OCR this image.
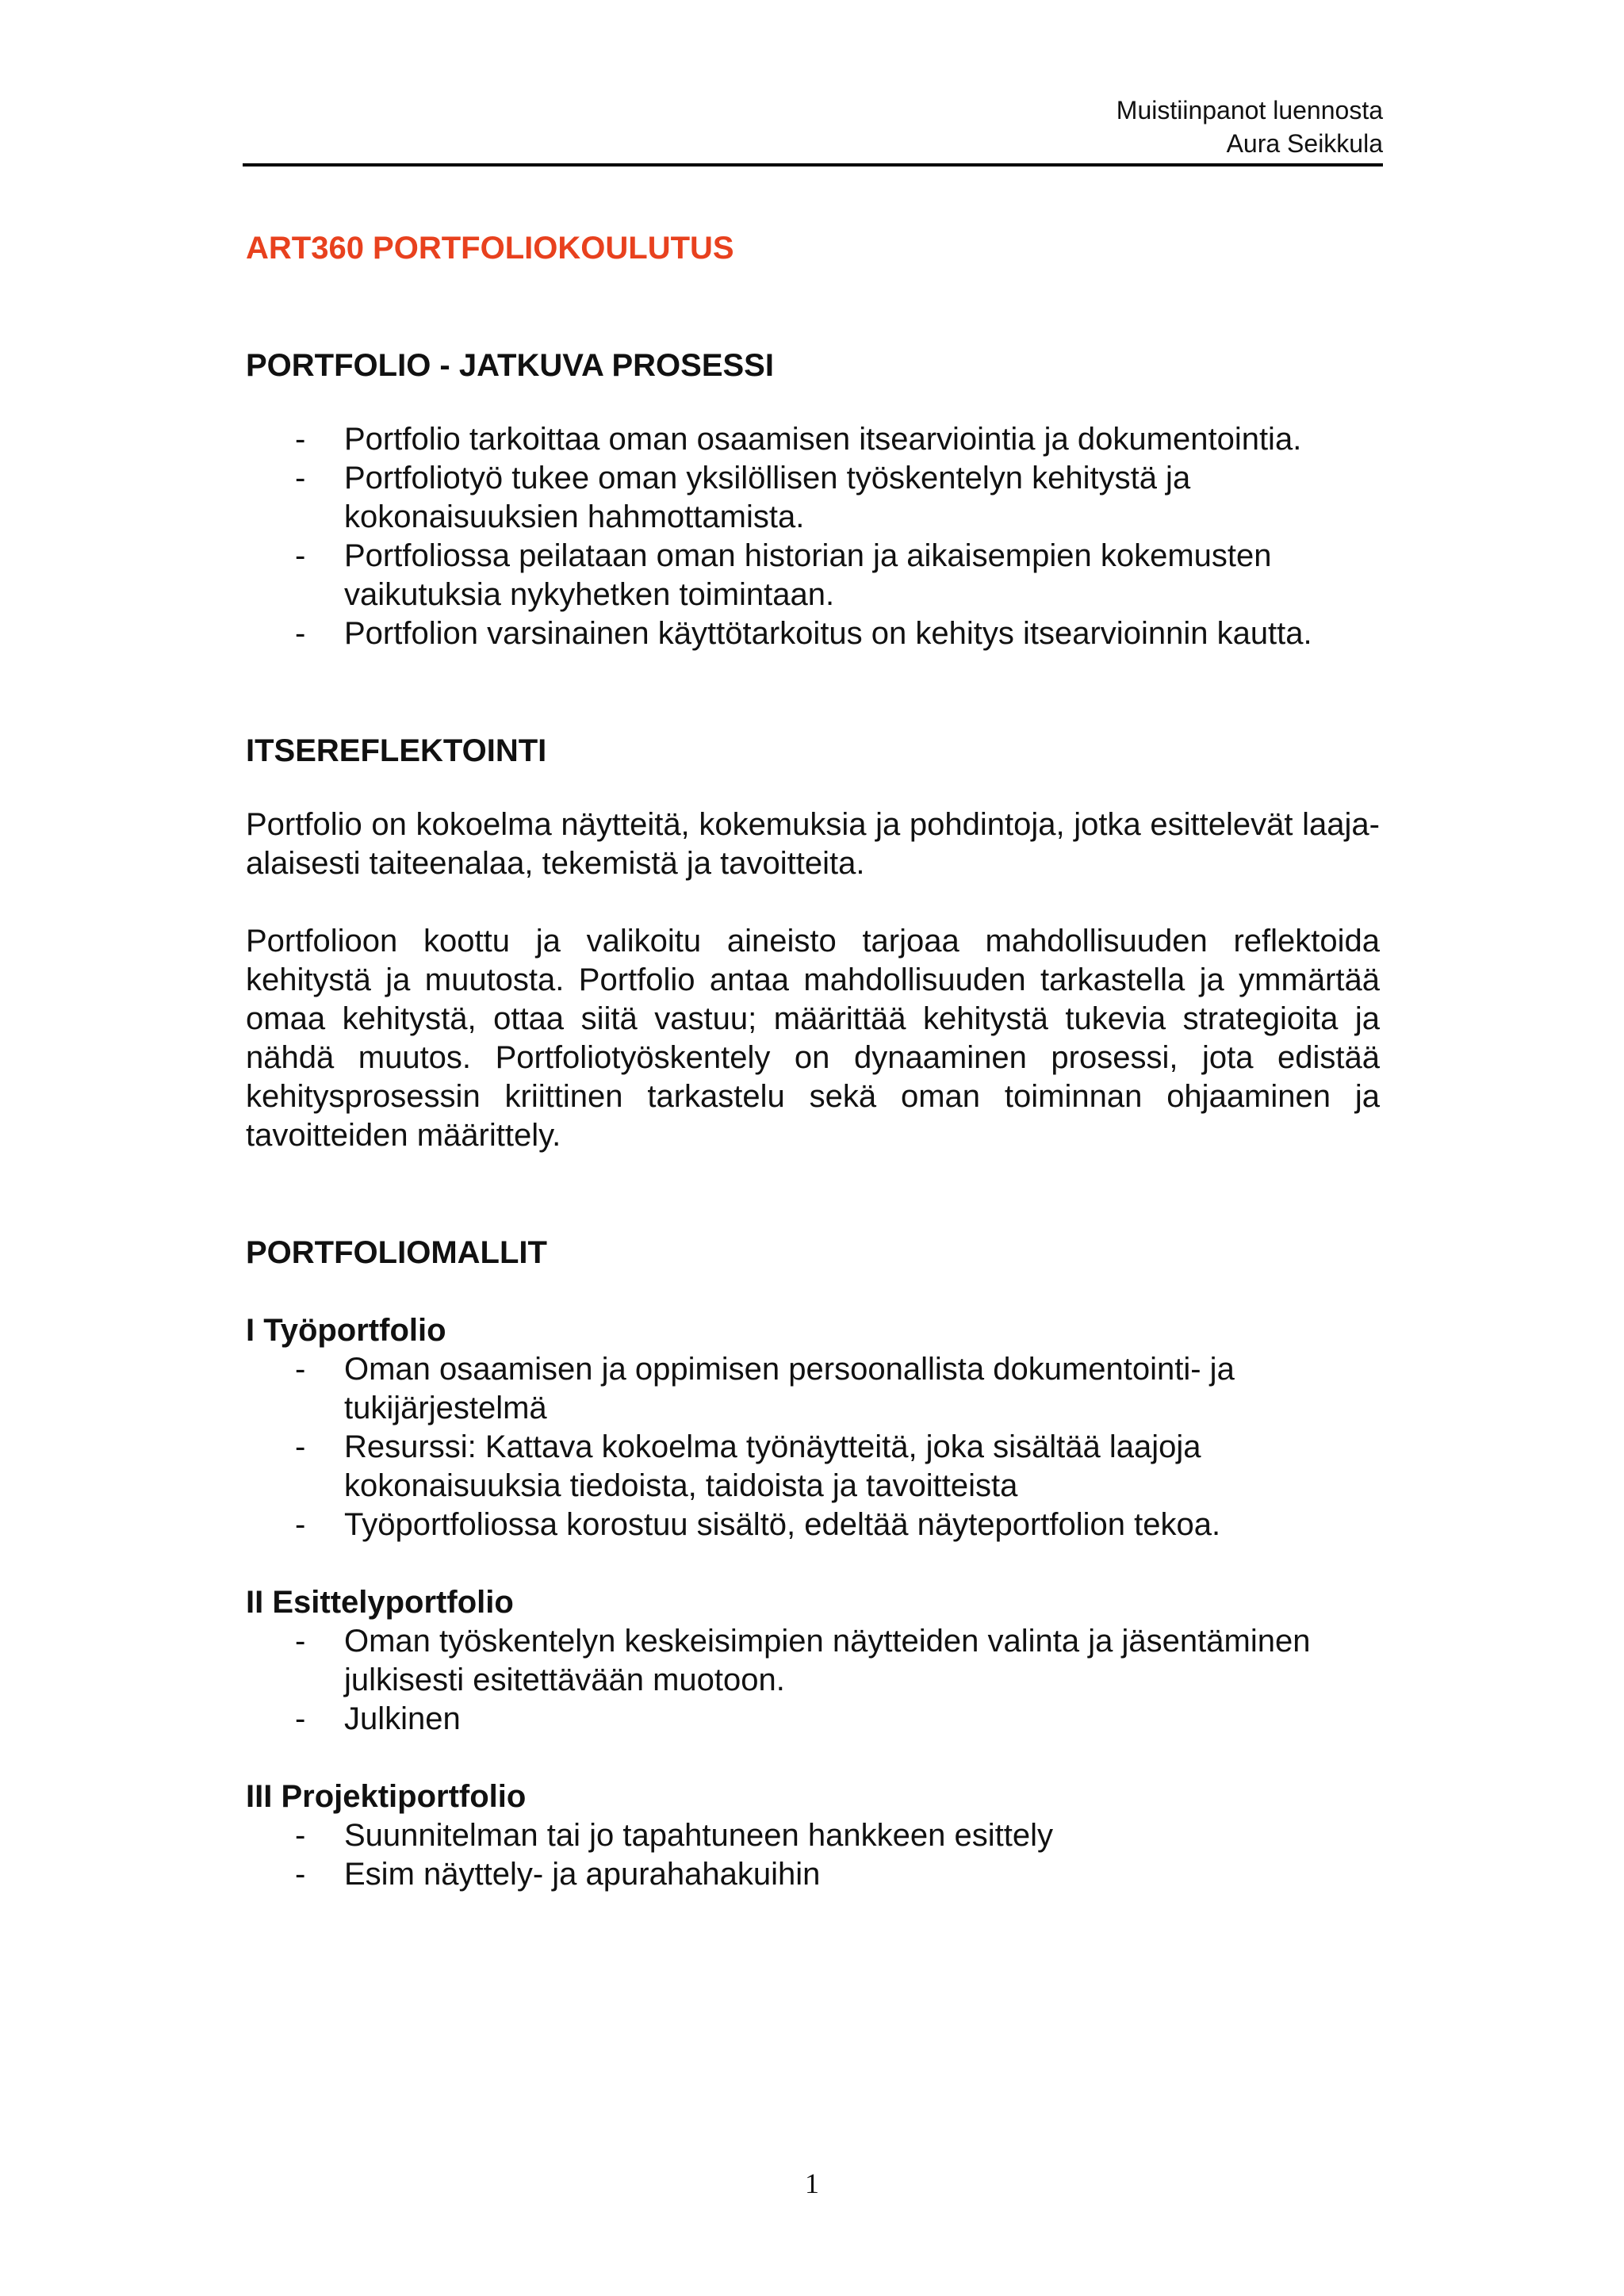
Muistiinpanot luennosta
Aura Seikkula
ART360 PORTFOLIOKOULUTUS
PORTFOLIO - JATKUVA PROSESSI
- Portfolio tarkoittaa oman osaamisen itsearviointia ja dokumentointia.
- Portfoliotyö tukee oman yksilöllisen työskentelyn kehitystä ja kokonaisuuksien hahmottamista.
- Portfoliossa peilataan oman historian ja aikaisempien kokemusten vaikutuksia nykyhetken toimintaan.
- Portfolion varsinainen käyttötarkoitus on kehitys itsearvioinnin kautta.
ITSEREFLEKTOINTI

Portfolio on kokoelma näytteitä, kokemuksia ja pohdintoja, jotka esittelevät laaja-alaisesti taiteenalaa, tekemistä ja tavoitteita.

Portfolioon koottu ja valikoitu aineisto tarjoaa mahdollisuuden reflektoida kehitystä ja muutosta. Portfolio antaa mahdollisuuden tarkastella ja ymmärtää omaa kehitystä, ottaa siitä vastuu; määrittää kehitystä tukevia strategioita ja nähdä muutos. Portfoliotyöskentely on dynaaminen prosessi, jota edistää kehitysprosessin kriittinen tarkastelu sekä oman toiminnan ohjaaminen ja tavoitteiden määrittely.

PORTFOLIOMALLIT
I Työportfolio
- Oman osaamisen ja oppimisen persoonallista dokumentointi- ja tukijärjestelmä
- Resurssi: Kattava kokoelma työnäytteitä, joka sisältää laajoja kokonaisuuksia tiedoista, taidoista ja tavoitteista
- Työportfoliossa korostuu sisältö, edeltää näyteportfolion tekoa.
II Esittelyportfolio
- Oman työskentelyn keskeisimpien näytteiden valinta ja jäsentäminen julkisesti esitettävään muotoon.
- Julkinen
III Projektiportfolio
- Suunnitelman tai jo tapahtuneen hankkeen esittely
- Esim näyttely- ja apurahahakuihin
1
